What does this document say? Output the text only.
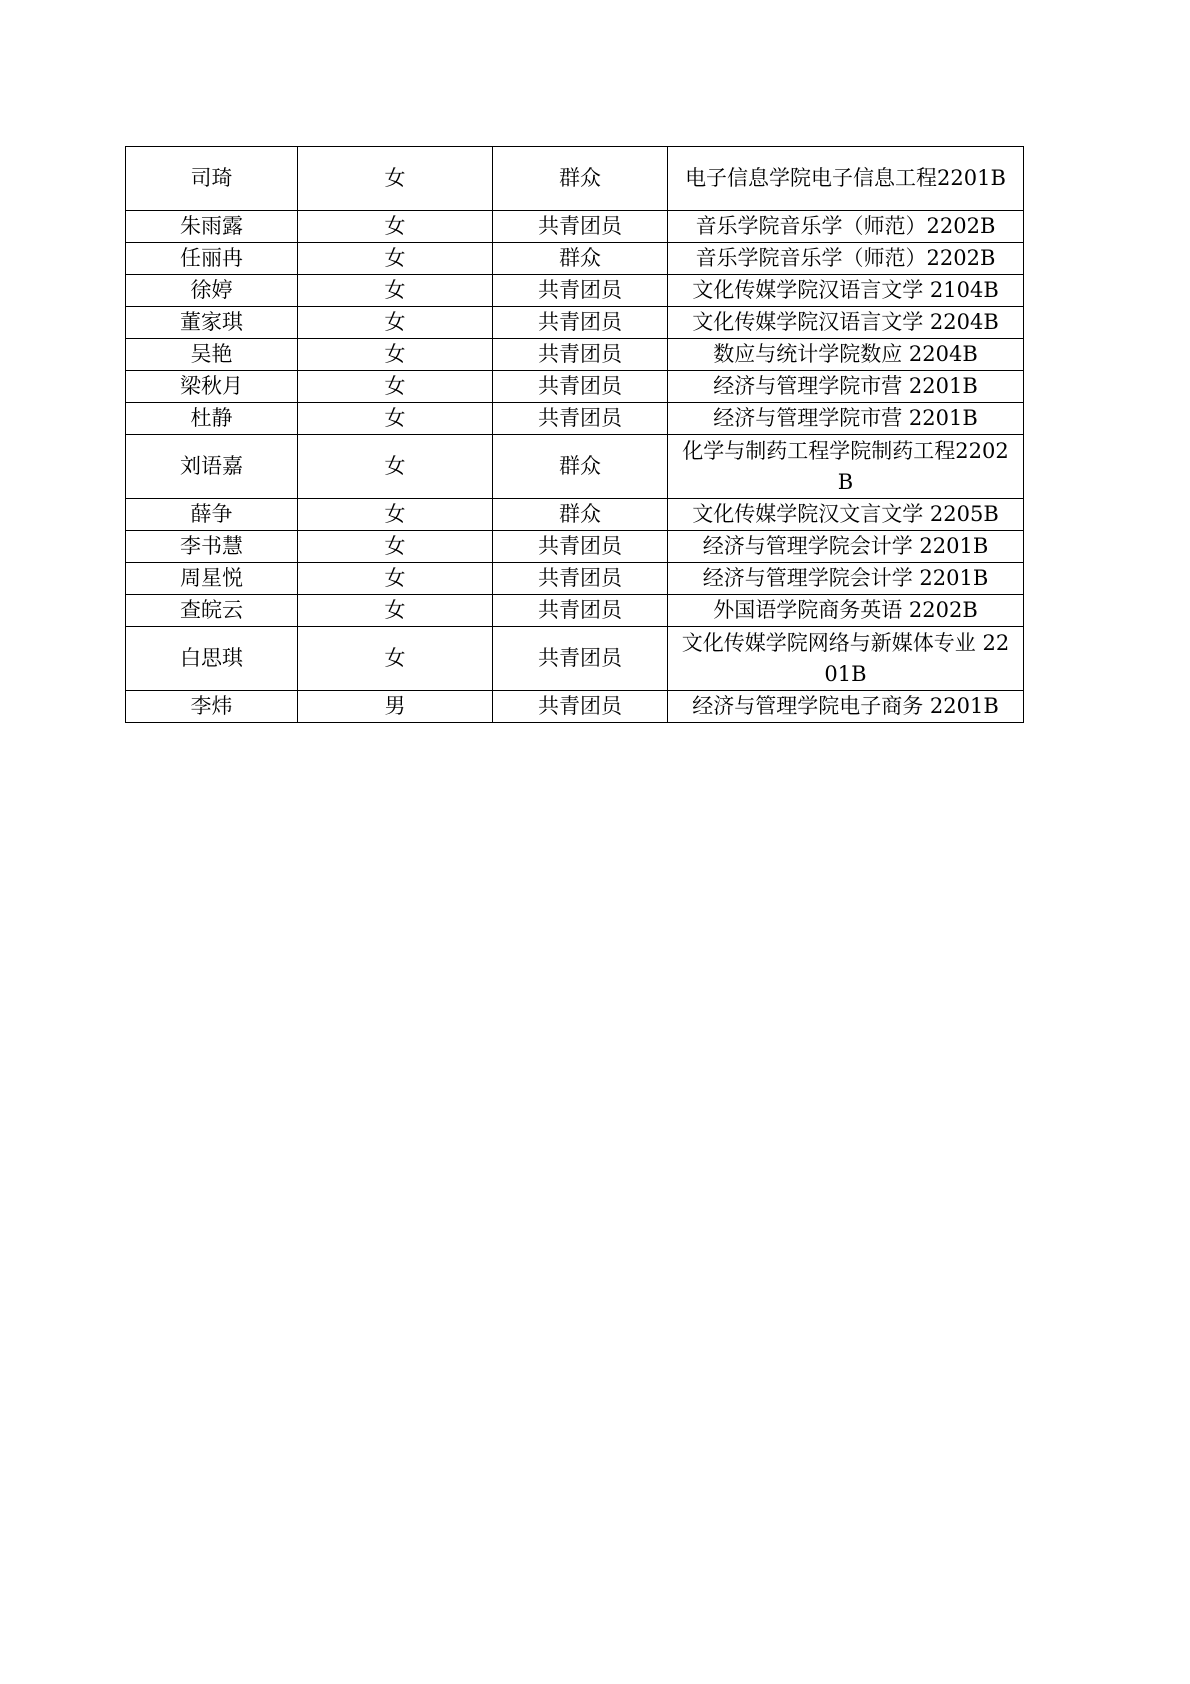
司琦	女	群众	电子信息学院电子信息工程2201B
朱雨露	女	共青团员	音乐学院音乐学（师范）2202B
任丽冉	女	群众	音乐学院音乐学（师范）2202B
徐婷	女	共青团员	文化传媒学院汉语言文学 2104B
董家琪	女	共青团员	文化传媒学院汉语言文学 2204B
吴艳	女	共青团员	数应与统计学院数应 2204B
梁秋月	女	共青团员	经济与管理学院市营 2201B
杜静	女	共青团员	经济与管理学院市营 2201B
刘语嘉	女	群众	化学与制药工程学院制药工程2202B
薛争	女	群众	文化传媒学院汉文言文学 2205B
李书慧	女	共青团员	经济与管理学院会计学 2201B
周星悦	女	共青团员	经济与管理学院会计学 2201B
查皖云	女	共青团员	外国语学院商务英语 2202B
白思琪	女	共青团员	文化传媒学院网络与新媒体专业 2201B
李炜	男	共青团员	经济与管理学院电子商务 2201B
